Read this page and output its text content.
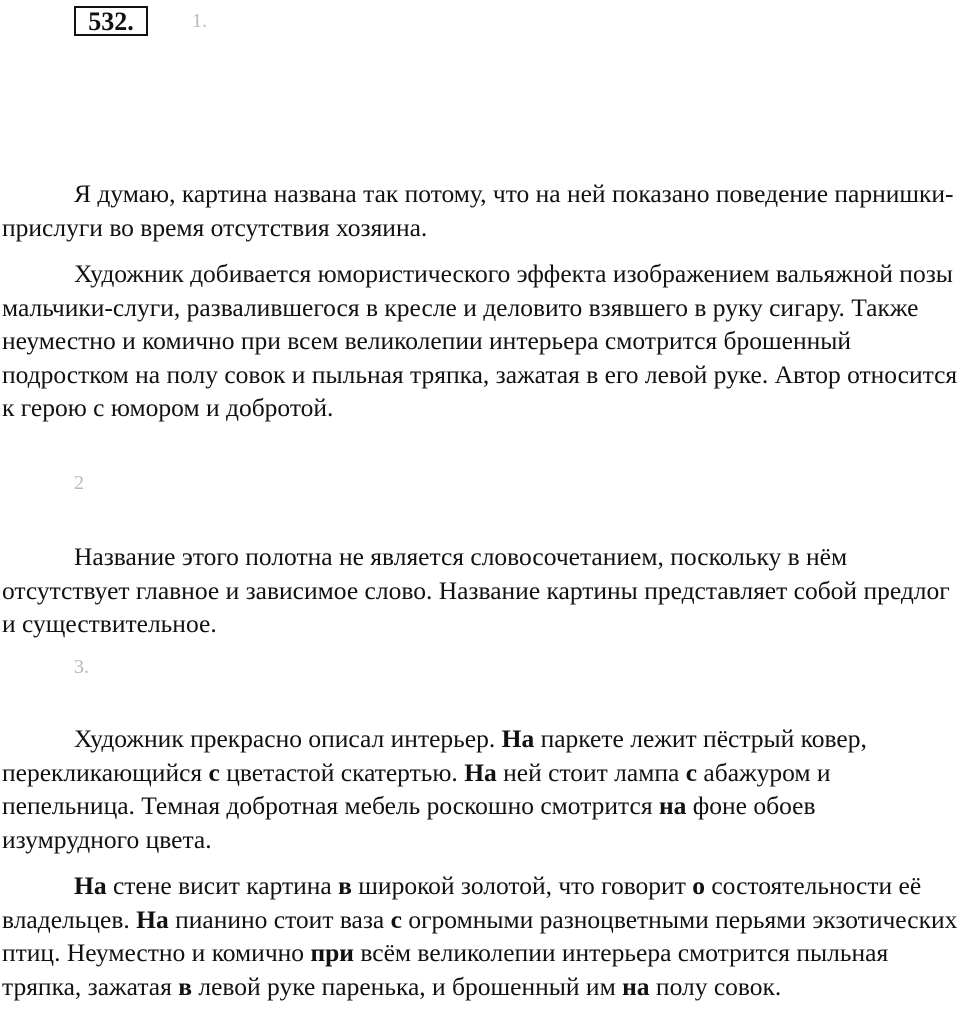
532.	1.

Я думаю, картина названа так потому, что на ней показано поведение парнишки-прислуги во время отсутствия хозяина.

Художник добивается юмористического эффекта изображением вальяжной позы мальчики-слуги, развалившегося в кресле и деловито взявшего в руку сигару. Также неуместно и комично при всем великолепии интерьера смотрится брошенный подростком на полу совок и пыльная тряпка, зажатая в его левой руке. Автор относится к герою с юмором и добротой.

2

Название этого полотна не является словосочетанием, поскольку в нём отсутствует главное и зависимое слово. Название картины представляет собой предлог и существительное.

3.

Художник прекрасно описал интерьер. На паркете лежит пёстрый ковер, перекликающийся с цветастой скатертью. На ней стоит лампа с абажуром и пепельница. Темная добротная мебель роскошно смотрится на фоне обоев изумрудного цвета.

На стене висит картина в широкой золотой, что говорит о состоятельности её владельцев. На пианино стоит ваза с огромными разноцветными перьями экзотических птиц. Неуместно и комично при всём великолепии интерьера смотрится пыльная тряпка, зажатая в левой руке паренька, и брошенный им на полу совок.
